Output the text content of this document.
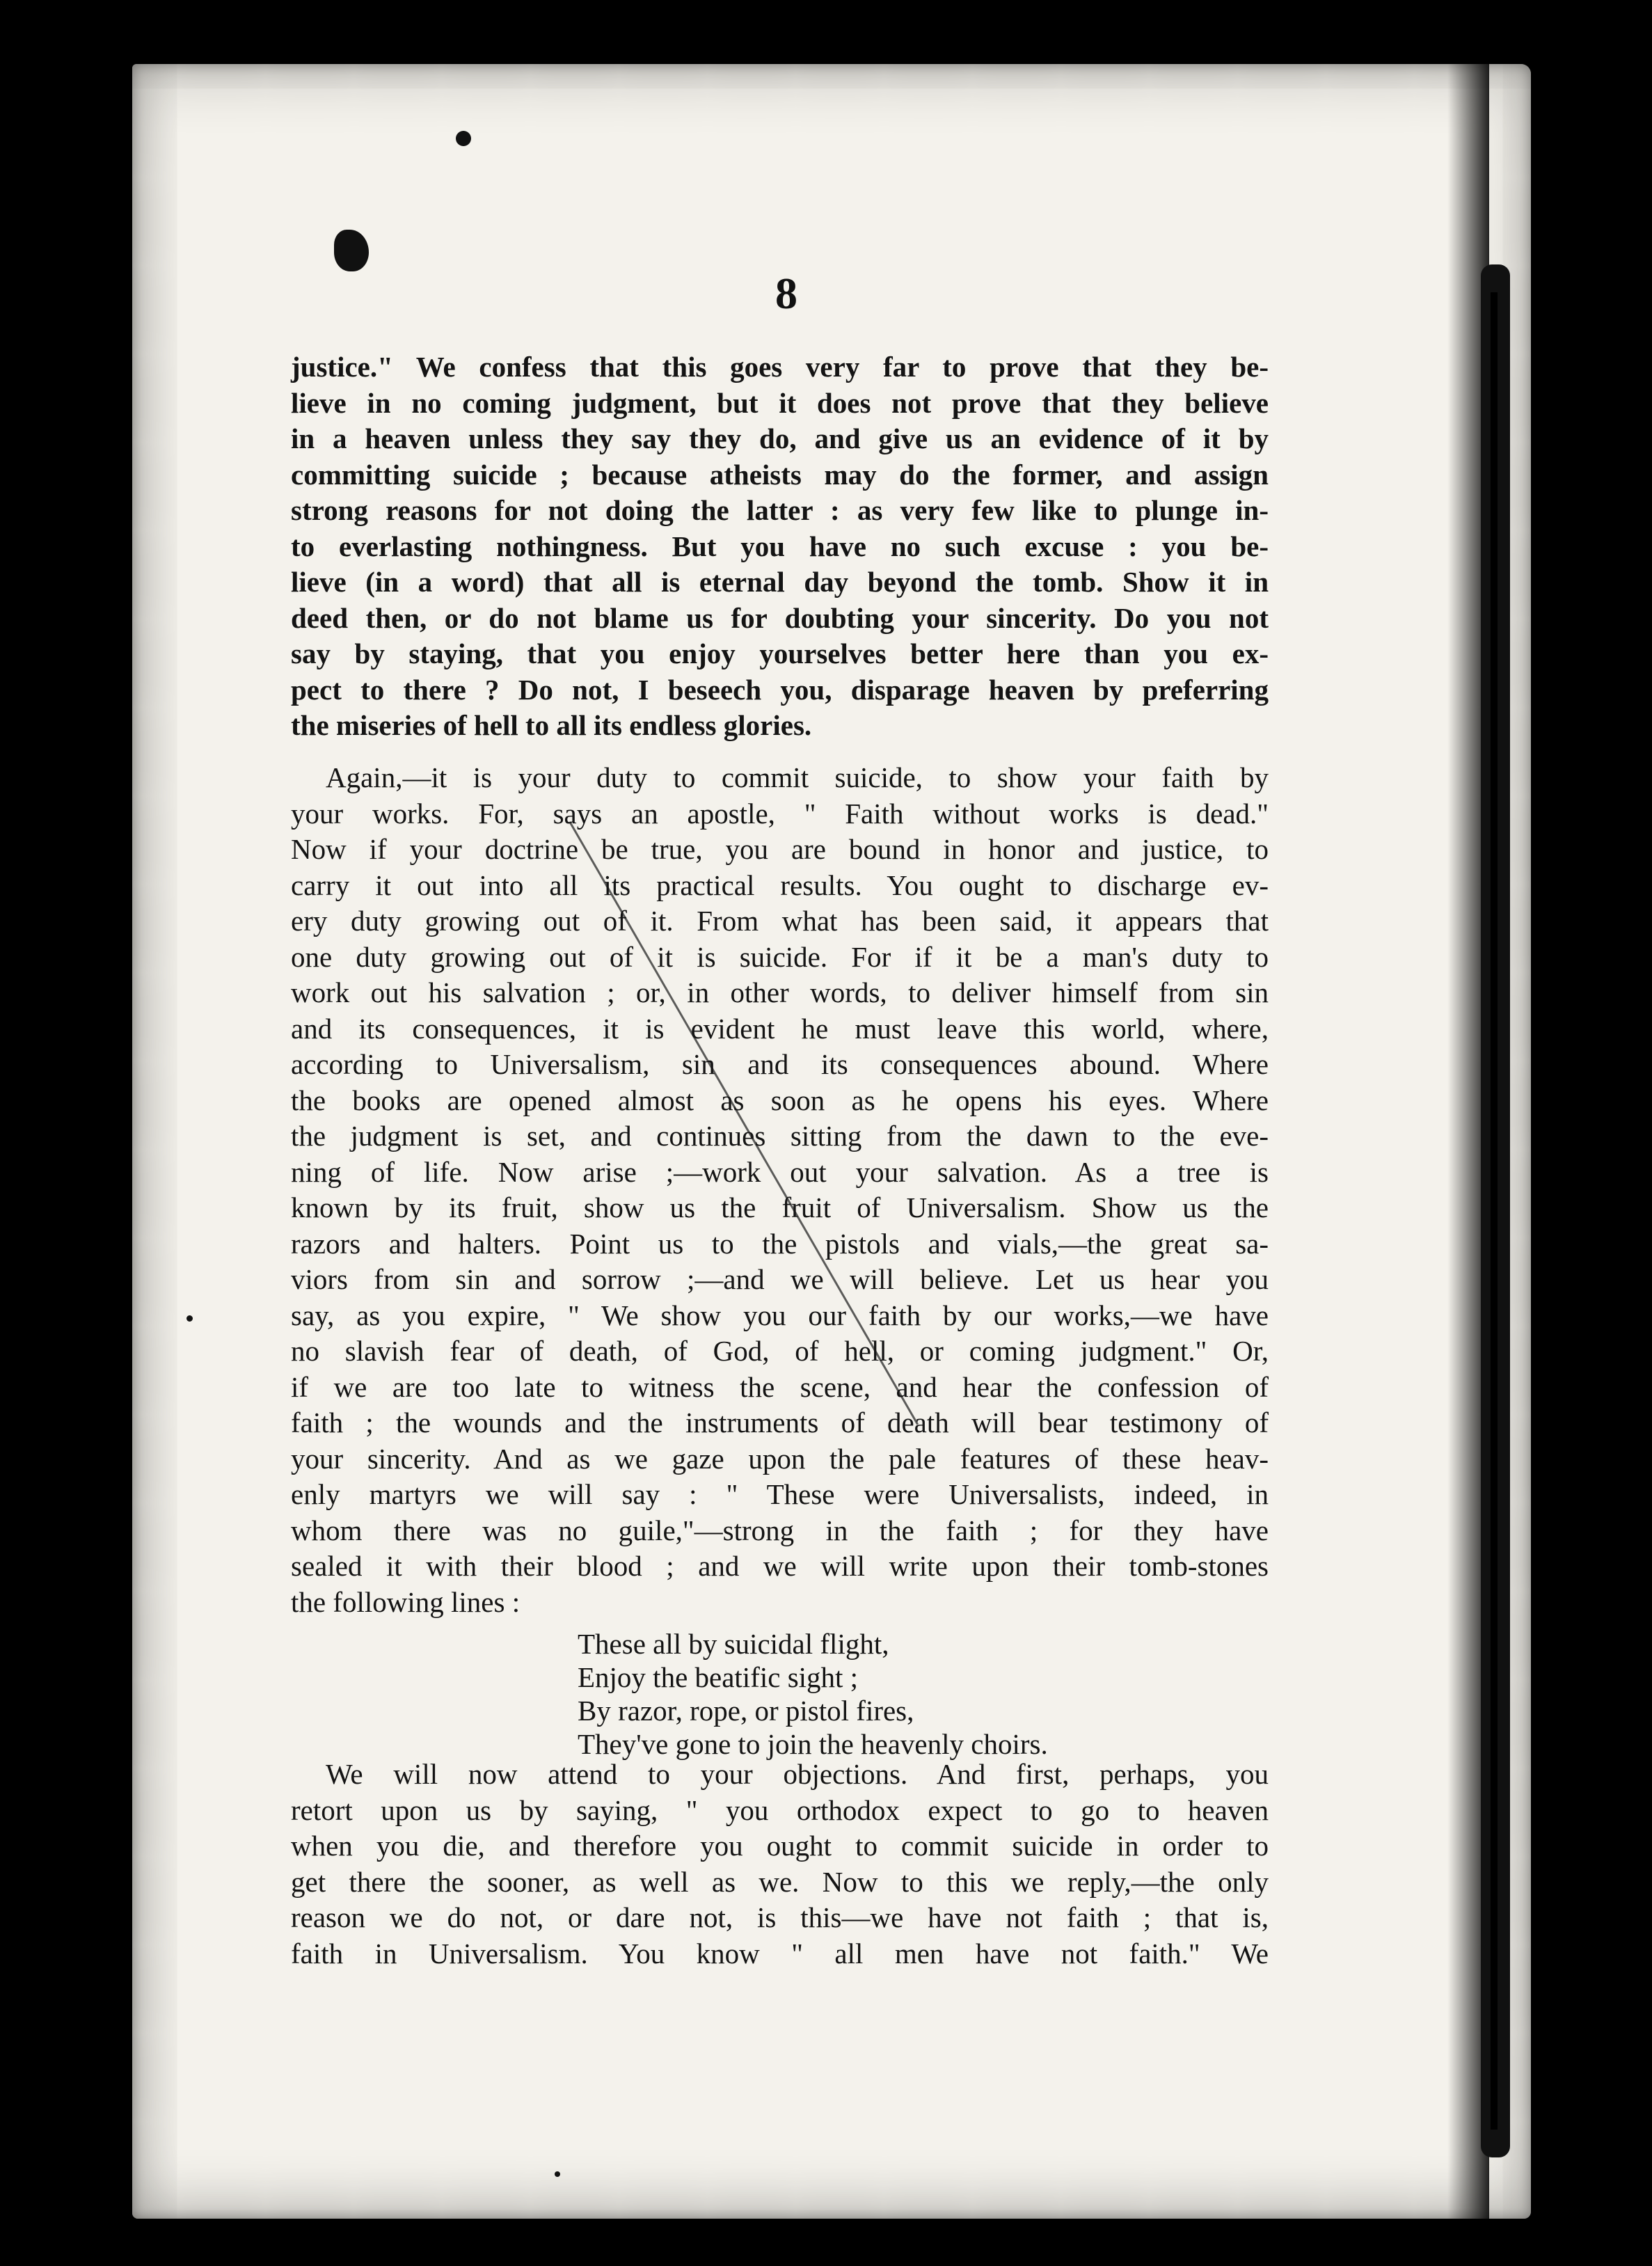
8
justice." We confess that this goes very far to prove that they be-
lieve in no coming judgment, but it does not prove that they believe
in a heaven unless they say they do, and give us an evidence of it by
committing suicide ; because atheists may do the former, and assign
strong reasons for not doing the latter : as very few like to plunge in-
to everlasting nothingness. But you have no such excuse : you be-
lieve (in a word) that all is eternal day beyond the tomb. Show it in
deed then, or do not blame us for doubting your sincerity. Do you not
say by staying, that you enjoy yourselves better here than you ex-
pect to there ? Do not, I beseech you, disparage heaven by preferring
the miseries of hell to all its endless glories.
Again,—it is your duty to commit suicide, to show your faith by
your works. For, says an apostle, " Faith without works is dead."
Now if your doctrine be true, you are bound in honor and justice, to
carry it out into all its practical results. You ought to discharge ev-
ery duty growing out of it. From what has been said, it appears that
one duty growing out of it is suicide. For if it be a man's duty to
work out his salvation ; or, in other words, to deliver himself from sin
and its consequences, it is evident he must leave this world, where,
according to Universalism, sin and its consequences abound. Where
the books are opened almost as soon as he opens his eyes. Where
the judgment is set, and continues sitting from the dawn to the eve-
ning of life. Now arise ;—work out your salvation. As a tree is
known by its fruit, show us the fruit of Universalism. Show us the
razors and halters. Point us to the pistols and vials,—the great sa-
viors from sin and sorrow ;—and we will believe. Let us hear you
say, as you expire, " We show you our faith by our works,—we have
no slavish fear of death, of God, of hell, or coming judgment." Or,
if we are too late to witness the scene, and hear the confession of
faith ; the wounds and the instruments of death will bear testimony of
your sincerity. And as we gaze upon the pale features of these heav-
enly martyrs we will say : " These were Universalists, indeed, in
whom there was no guile,"—strong in the faith ; for they have
sealed it with their blood ; and we will write upon their tomb-stones
the following lines :
These all by suicidal flight,
Enjoy the beatific sight ;
By razor, rope, or pistol fires,
They've gone to join the heavenly choirs.
We will now attend to your objections. And first, perhaps, you
retort upon us by saying, " you orthodox expect to go to heaven
when you die, and therefore you ought to commit suicide in order to
get there the sooner, as well as we. Now to this we reply,—the only
reason we do not, or dare not, is this—we have not faith ; that is,
faith in Universalism. You know " all men have not faith." We
